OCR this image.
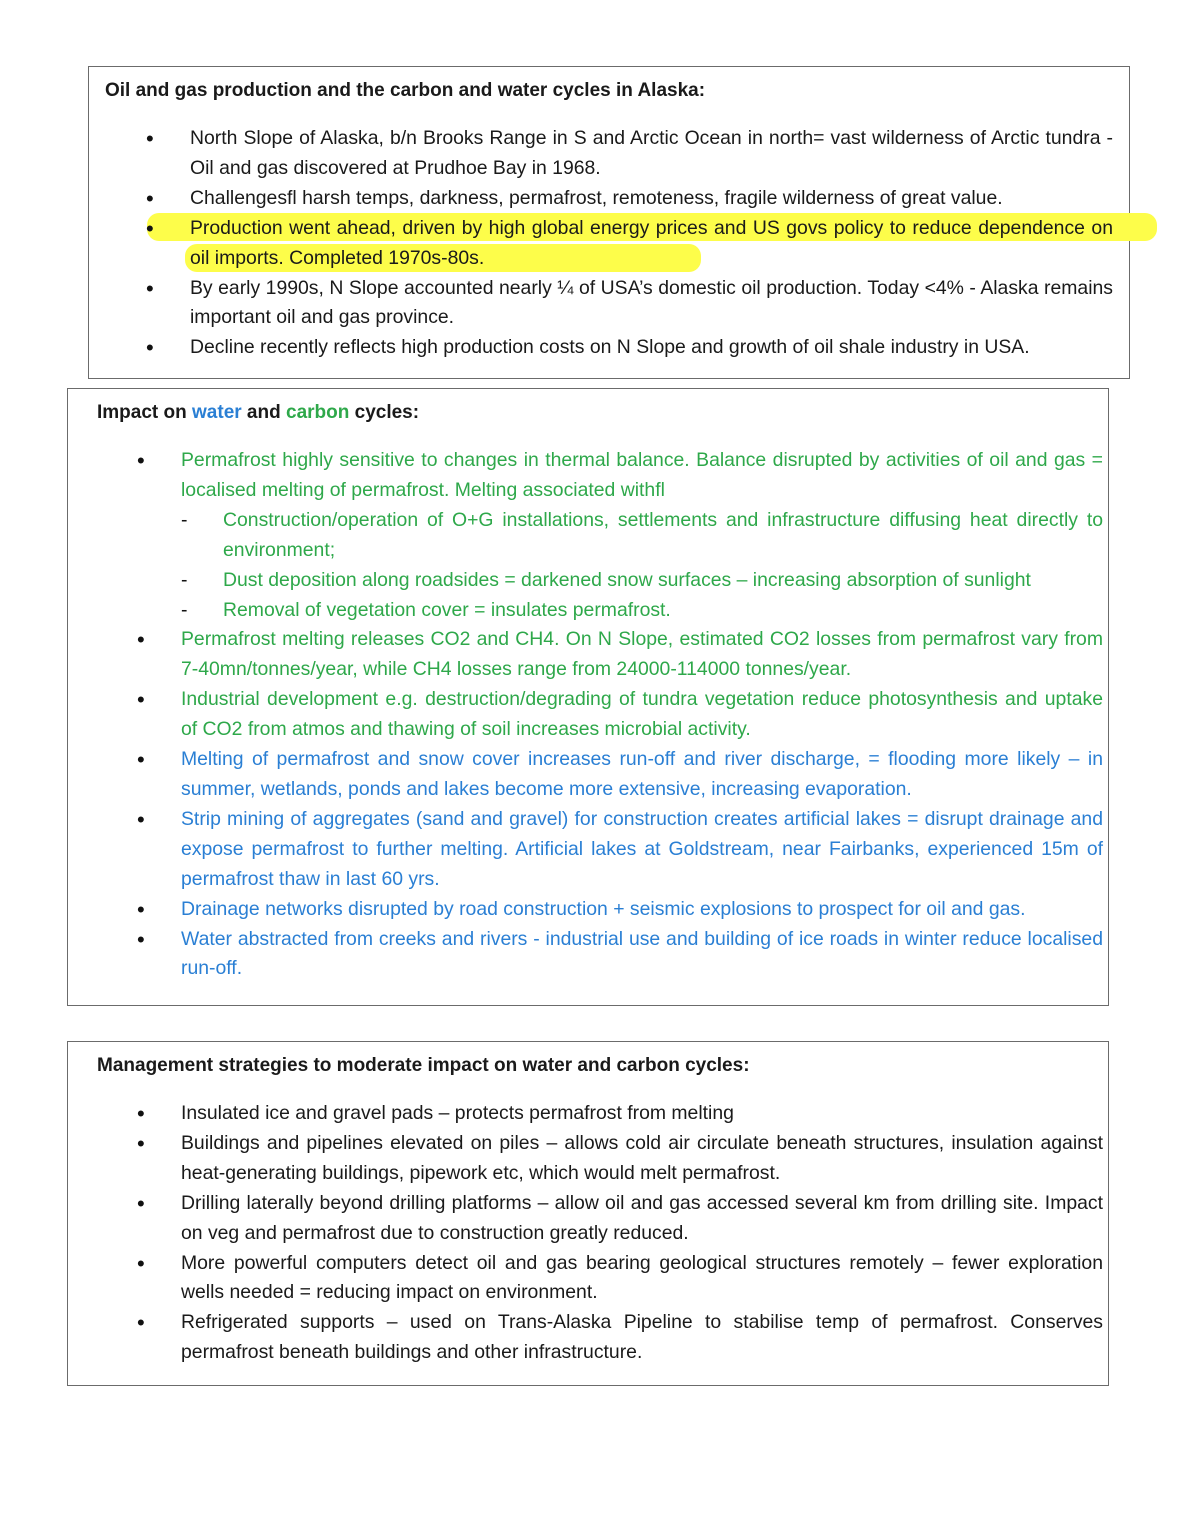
Oil and gas production and the carbon and water cycles in Alaska:
• North Slope of Alaska, b/n Brooks Range in S and Arctic Ocean in north= vast wilderness of Arctic tundra - Oil and gas discovered at Prudhoe Bay in 1968.
• Challengesfl harsh temps, darkness, permafrost, remoteness, fragile wilderness of great value.
• Production went ahead, driven by high global energy prices and US govs policy to reduce dependence on oil imports. Completed 1970s-80s.
• By early 1990s, N Slope accounted nearly ¼ of USA’s domestic oil production. Today <4% - Alaska remains important oil and gas province.
• Decline recently reflects high production costs on N Slope and growth of oil shale industry in USA.
Impact on water and carbon cycles:
• Permafrost highly sensitive to changes in thermal balance. Balance disrupted by activities of oil and gas = localised melting of permafrost. Melting associated withfl
- Construction/operation of O+G installations, settlements and infrastructure diffusing heat directly to environment;
- Dust deposition along roadsides = darkened snow surfaces – increasing absorption of sunlight
- Removal of vegetation cover = insulates permafrost.
• Permafrost melting releases CO2 and CH4. On N Slope, estimated CO2 losses from permafrost vary from 7-40mn/tonnes/year, while CH4 losses range from 24000-114000 tonnes/year.
• Industrial development e.g. destruction/degrading of tundra vegetation reduce photosynthesis and uptake of CO2 from atmos and thawing of soil increases microbial activity.
• Melting of permafrost and snow cover increases run-off and river discharge, = flooding more likely – in summer, wetlands, ponds and lakes become more extensive, increasing evaporation.
• Strip mining of aggregates (sand and gravel) for construction creates artificial lakes = disrupt drainage and expose permafrost to further melting. Artificial lakes at Goldstream, near Fairbanks, experienced 15m of permafrost thaw in last 60 yrs.
• Drainage networks disrupted by road construction + seismic explosions to prospect for oil and gas.
• Water abstracted from creeks and rivers - industrial use and building of ice roads in winter reduce localised run-off.
Management strategies to moderate impact on water and carbon cycles:
• Insulated ice and gravel pads – protects permafrost from melting
• Buildings and pipelines elevated on piles – allows cold air circulate beneath structures, insulation against heat-generating buildings, pipework etc, which would melt permafrost.
• Drilling laterally beyond drilling platforms – allow oil and gas accessed several km from drilling site. Impact on veg and permafrost due to construction greatly reduced.
• More powerful computers detect oil and gas bearing geological structures remotely – fewer exploration wells needed = reducing impact on environment.
• Refrigerated supports – used on Trans-Alaska Pipeline to stabilise temp of permafrost. Conserves permafrost beneath buildings and other infrastructure.
